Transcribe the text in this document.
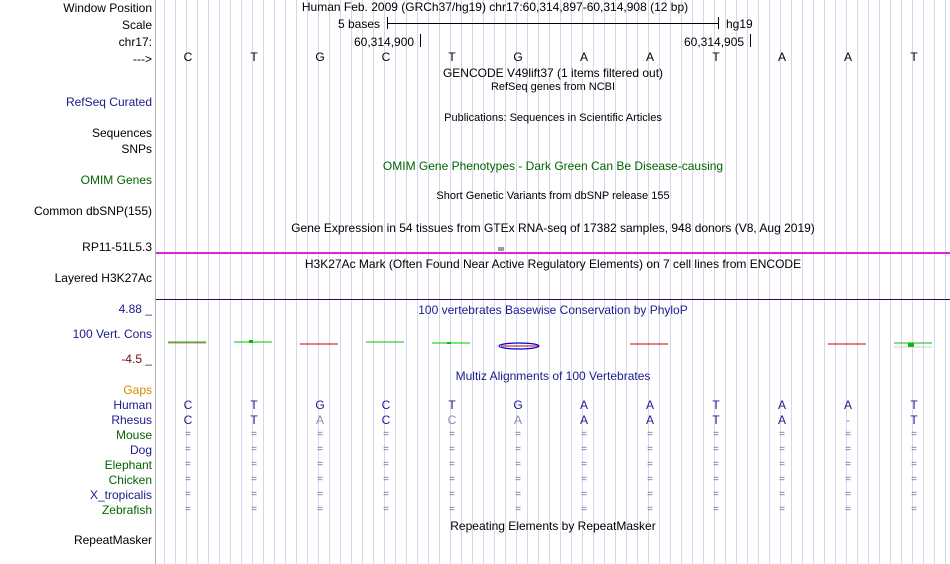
Window Position
Scale
chr17:
--->
RefSeq Curated
Sequences
SNPs
OMIM Genes
Common dbSNP(155)
RP11-51L5.3
Layered H3K27Ac
4.88 _
100 Vert. Cons
-4.5 _
Gaps
Human
Rhesus
Mouse
Dog
Elephant
Chicken
X_tropicalis
Zebrafish
RepeatMasker
Human Feb. 2009 (GRCh37/hg19) chr17:60,314,897-60,314,908 (12 bp)
5 bases	hg19
60,314,900	60,314,905
C	T	G	C	T	G	A	A	T	A	A	T
GENCODE V49lift37 (1 items filtered out)
RefSeq genes from NCBI
Publications: Sequences in Scientific Articles
OMIM Gene Phenotypes - Dark Green Can Be Disease-causing
Short Genetic Variants from dbSNP release 155
Gene Expression in 54 tissues from GTEx RNA-seq of 17382 samples, 948 donors (V8, Aug 2019)
H3K27Ac Mark (Often Found Near Active Regulatory Elements) on 7 cell lines from ENCODE
100 vertebrates Basewise Conservation by PhyloP
Multiz Alignments of 100 Vertebrates
C	T	G	C	T	G	A	A	T	A	A	T
C	T	A	C	C	A	A	A	T	A	-	T
=	=	=	=	=	=	=	=	=	=	=	=
=	=	=	=	=	=	=	=	=	=	=	=
=	=	=	=	=	=	=	=	=	=	=	=
=	=	=	=	=	=	=	=	=	=	=	=
=	=	=	=	=	=	=	=	=	=	=	=
=	=	=	=	=	=	=	=	=	=	=	=
Repeating Elements by RepeatMasker
